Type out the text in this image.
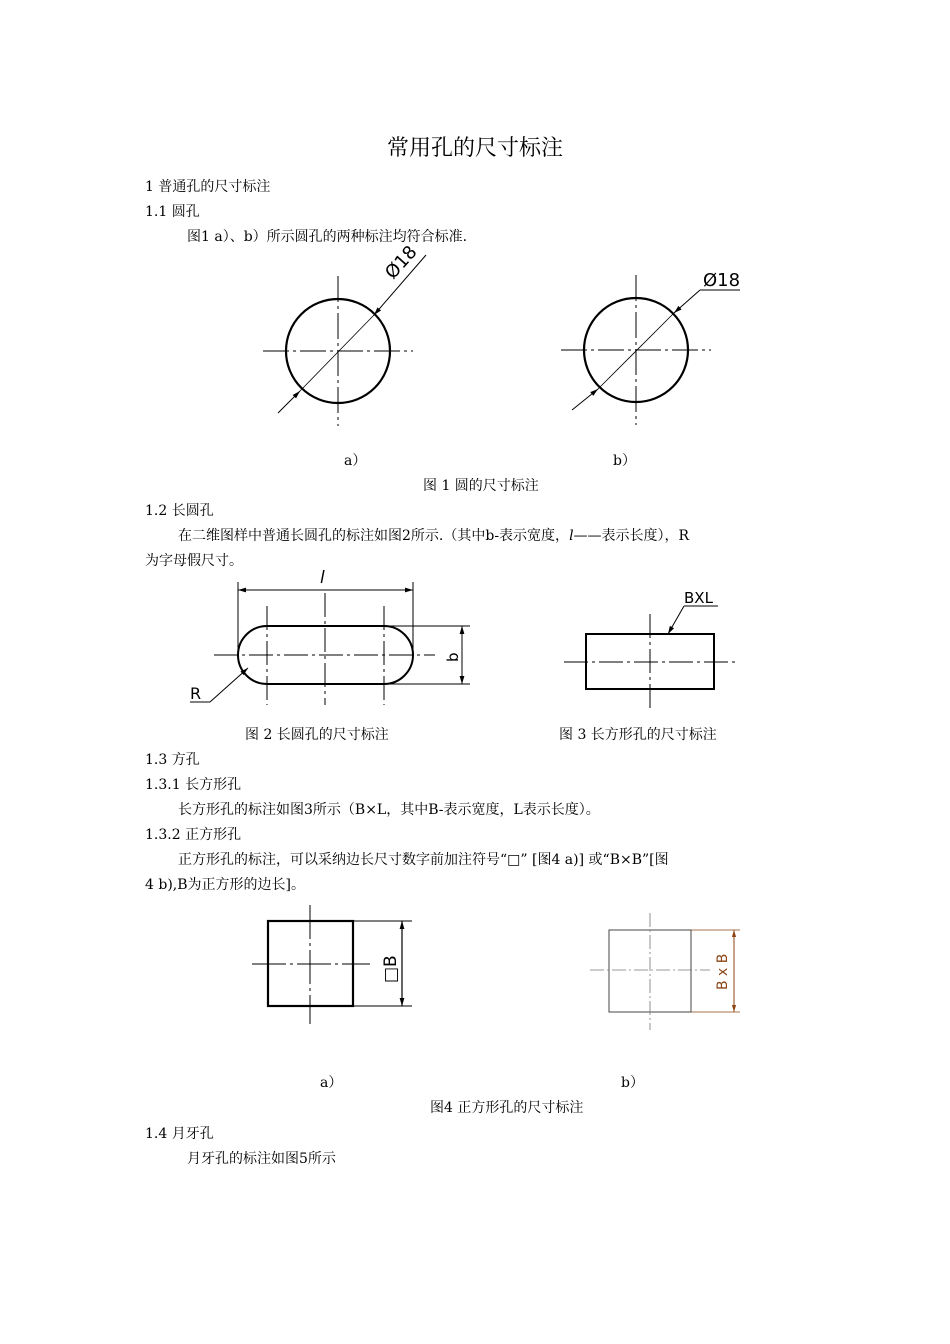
常用孔的尺寸标注
1 普通孔的尺寸标注
1.1 圆孔
图1 a）、b）所示圆孔的两种标注均符合标准.
Ø18	Ø18
l
b
R
BXL
□B	B x B
a）	b）
图 1 圆的尺寸标注
1.2 长圆孔
在二维图样中普通长圆孔的标注如图2所示.（其中b-表示宽度，l——表示长度），R
为字母假尺寸。
图 2 长圆孔的尺寸标注	图 3 长方形孔的尺寸标注
1.3 方孔
1.3.1 长方形孔
长方形孔的标注如图3所示（B×L，其中B-表示宽度，L表示长度）。
1.3.2 正方形孔
正方形孔的标注，可以采纳边长尺寸数字前加注符号“□” [图4 a)] 或“B×B”[图
4 b),B为正方形的边长]。
a）	b）
图4 正方形孔的尺寸标注
1.4 月牙孔
月牙孔的标注如图5所示
